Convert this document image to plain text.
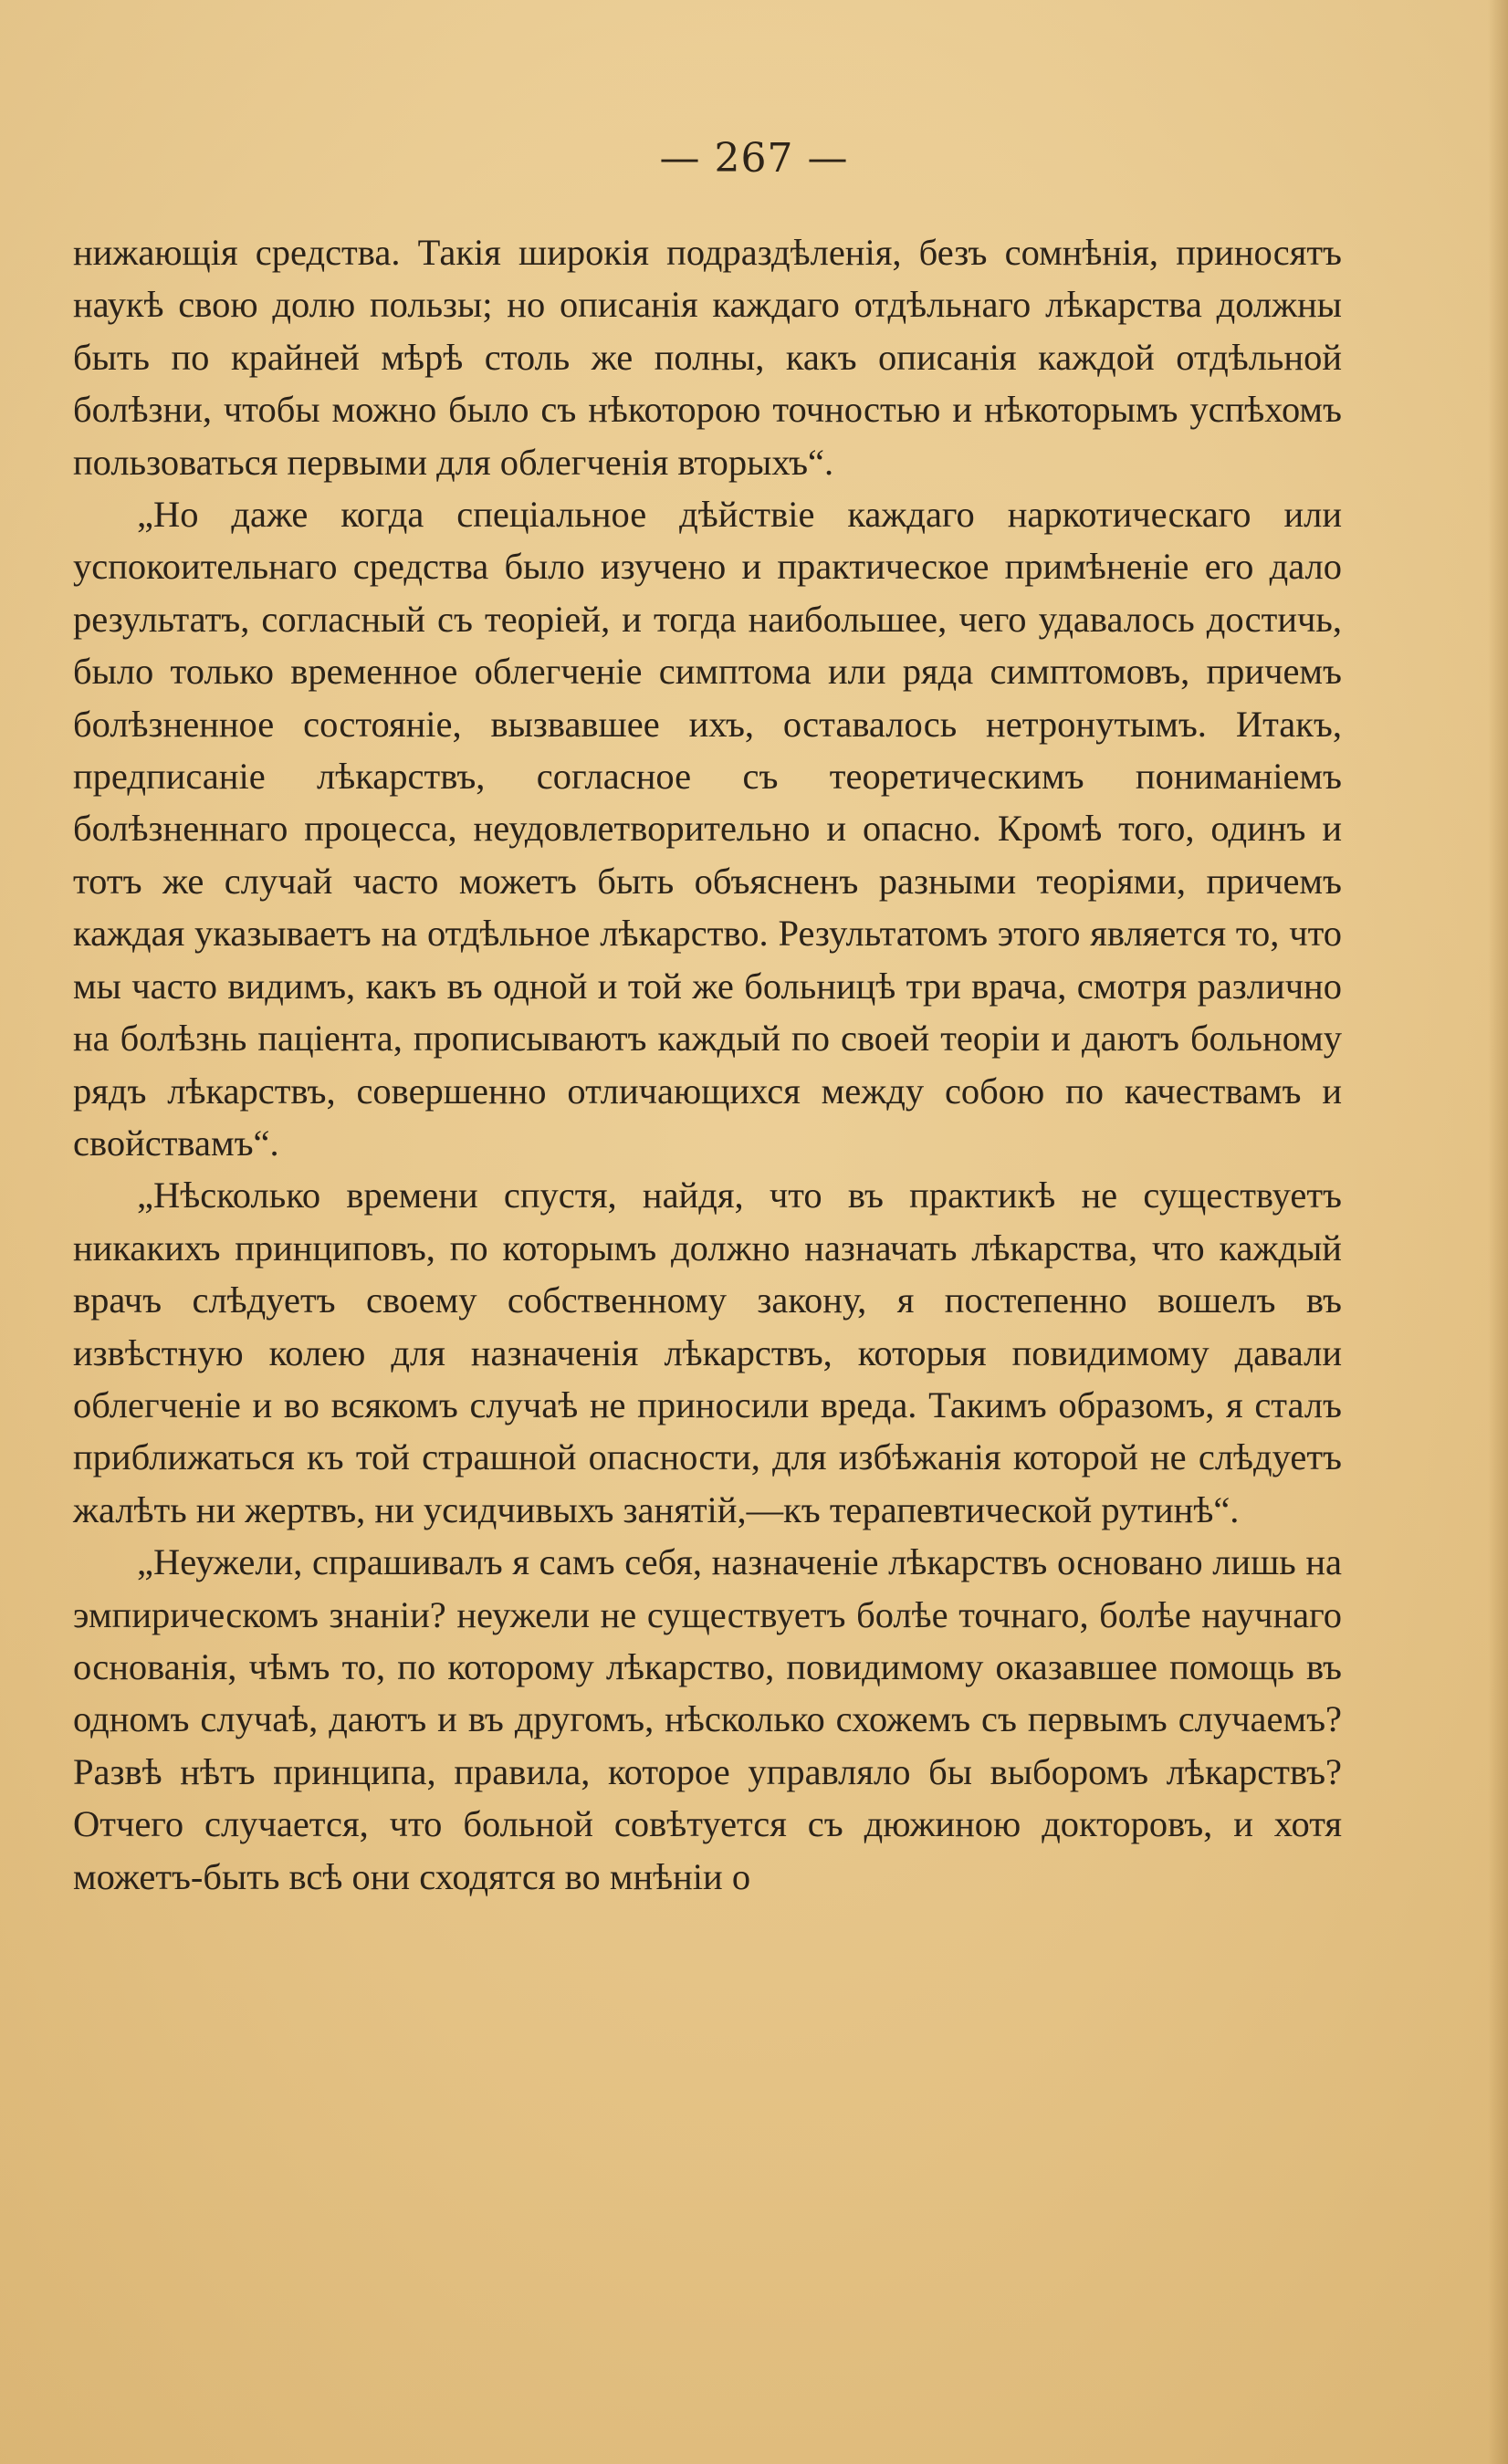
— 267 —

нижающія средства. Такія широкія подраздѣленія, безъ сомнѣнія, приносятъ наукѣ свою долю пользы; но описанія каждаго отдѣльнаго лѣкарства должны быть по крайней мѣрѣ столь же полны, какъ описанія каждой отдѣльной болѣзни, чтобы можно было съ нѣкоторою точностью и нѣкоторымъ успѣхомъ пользоваться первыми для облегченія вторыхъ“.

„Но даже когда спеціальное дѣйствіе каждаго наркотическаго или успокоительнаго средства было изучено и практическое примѣненіе его дало результатъ, согласный съ теоріей, и тогда наибольшее, чего удавалось достичь, было только временное облегченіе симптома или ряда симптомовъ, причемъ болѣзненное состояніе, вызвавшее ихъ, оставалось нетронутымъ. Итакъ, предписаніе лѣкарствъ, согласное съ теоретическимъ пониманіемъ болѣзненнаго процесса, неудовлетворительно и опасно. Кромѣ того, одинъ и тотъ же случай часто можетъ быть объясненъ разными теоріями, причемъ каждая указываетъ на отдѣльное лѣкарство. Результатомъ этого является то, что мы часто видимъ, какъ въ одной и той же больницѣ три врача, смотря различно на болѣзнь паціента, прописываютъ каждый по своей теоріи и даютъ больному рядъ лѣкарствъ, совершенно отличающихся между собою по качествамъ и свойствамъ“.

„Нѣсколько времени спустя, найдя, что въ практикѣ не существуетъ никакихъ принциповъ, по которымъ должно назначать лѣкарства, что каждый врачъ слѣдуетъ своему собственному закону, я постепенно вошелъ въ извѣстную колею для назначенія лѣкарствъ, которыя повидимому давали облегченіе и во всякомъ случаѣ не приносили вреда. Такимъ образомъ, я сталъ приближаться къ той страшной опасности, для избѣжанія которой не слѣдуетъ жалѣть ни жертвъ, ни усидчивыхъ занятій,—къ терапевтической рутинѣ“.

„Неужели, спрашивалъ я самъ себя, назначеніе лѣкарствъ основано лишь на эмпирическомъ знаніи? неужели не существуетъ болѣе точнаго, болѣе научнаго основанія, чѣмъ то, по которому лѣкарство, повидимому оказавшее помощь въ одномъ случаѣ, даютъ и въ другомъ, нѣсколько схожемъ съ первымъ случаемъ? Развѣ нѣтъ принципа, правила, которое управляло бы выборомъ лѣкарствъ? Отчего случается, что больной совѣтуется съ дюжиною докторовъ, и хотя можетъ-быть всѣ они сходятся во мнѣніи о
